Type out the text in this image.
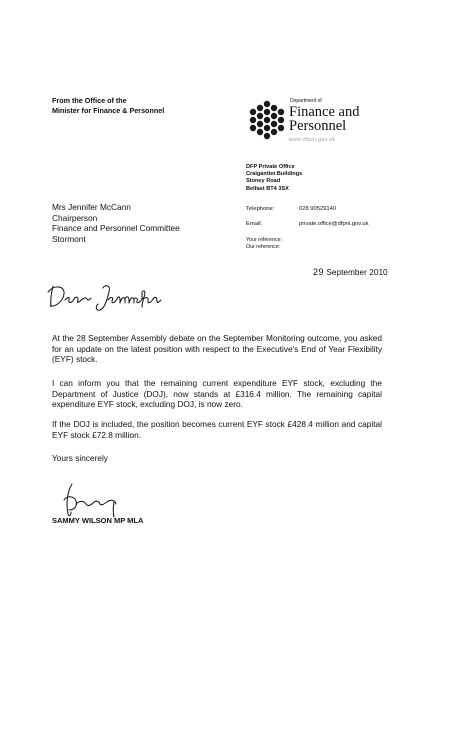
From the Office of the
Minister for Finance & Personnel
Department of
Finance and
Personnel
www.dfpni.gov.uk
DFP Private Office
Craigantlet Buildings
Stoney Road
Belfast BT4 3SX
Mrs Jennifer McCann
Chairperson
Finance and Personnel Committee
Stormont
Telephone:	028 90529140
Email:	private.office@dfpni.gov.uk
Your reference:
Our reference:
29 September 2010
At the 28 September Assembly debate on the September Monitoring outcome, you asked for an update on the latest position with respect to the Executive's End of Year Flexibility (EYF) stock.
I can inform you that the remaining current expenditure EYF stock, excluding the Department of Justice (DOJ), now stands at £316.4 million. The remaining capital expenditure EYF stock, excluding DOJ, is now zero.
If the DOJ is included, the position becomes current EYF stock £428.4 million and capital EYF stock £72.8 million.
Yours sincerely
SAMMY WILSON MP MLA
